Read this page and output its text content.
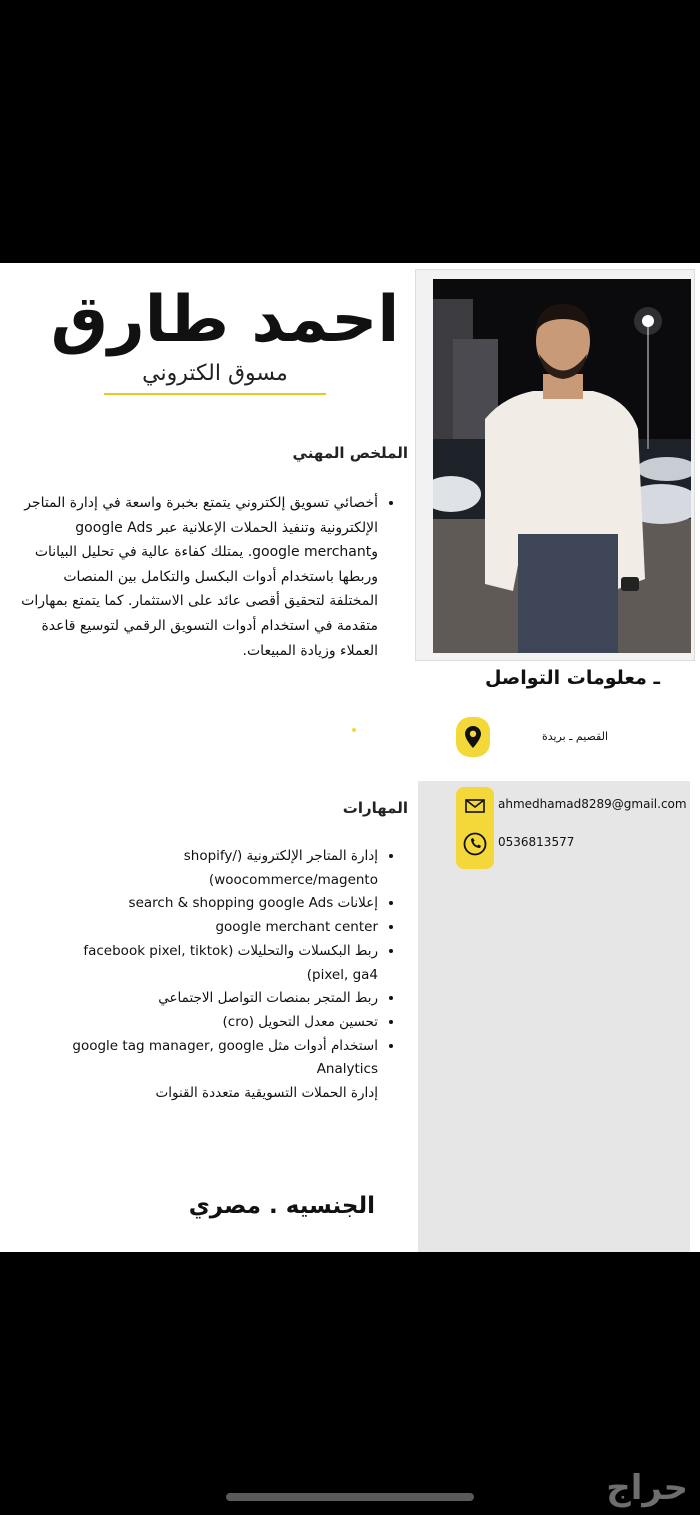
احمد طارق
مسوق الكتروني
الملخص المهني
• أخصائي تسويق إلكتروني يتمتع بخبرة واسعة في إدارة المتاجر الإلكترونية وتنفيذ الحملات الإعلانية عبر google Ads وgoogle merchant. يمتلك كفاءة عالية في تحليل البيانات وربطها باستخدام أدوات البكسل والتكامل بين المنصات المختلفة لتحقيق أقصى عائد على الاستثمار. كما يتمتع بمهارات متقدمة في استخدام أدوات التسويق الرقمي لتوسيع قاعدة العملاء وزيادة المبيعات.
ـ معلومات التواصل
القصيم ـ بريدة
ahmedhamad8289@gmail.com
0536813577
المهارات
• إدارة المتاجر الإلكترونية (/shopify woocommerce/magento)
• إعلانات search & shopping google Ads
• google merchant center
• ربط البكسلات والتحليلات (facebook pixel, tiktok pixel, ga4)
• ربط المتجر بمنصات التواصل الاجتماعي
• تحسين معدل التحويل (cro)
• استخدام أدوات مثل google tag manager, google Analytics
إدارة الحملات التسويقية متعددة القنوات
الجنسيه . مصري
حراج
